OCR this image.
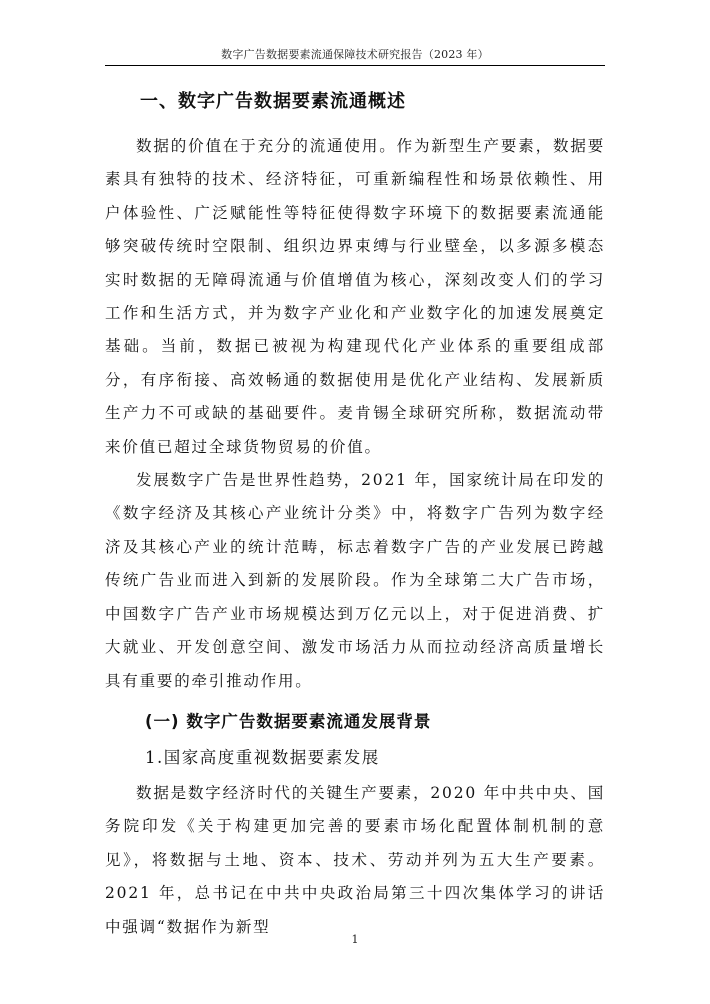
数字广告数据要素流通保障技术研究报告（2023 年）
一、数字广告数据要素流通概述

数据的价值在于充分的流通使用。作为新型生产要素，数据要素具有独特的技术、经济特征，可重新编程性和场景依赖性、用户体验性、广泛赋能性等特征使得数字环境下的数据要素流通能够突破传统时空限制、组织边界束缚与行业壁垒，以多源多模态实时数据的无障碍流通与价值增值为核心，深刻改变人们的学习工作和生活方式，并为数字产业化和产业数字化的加速发展奠定基础。当前，数据已被视为构建现代化产业体系的重要组成部分，有序衔接、高效畅通的数据使用是优化产业结构、发展新质生产力不可或缺的基础要件。麦肯锡全球研究所称，数据流动带来价值已超过全球货物贸易的价值。

发展数字广告是世界性趋势，2021 年，国家统计局在印发的《数字经济及其核心产业统计分类》中，将数字广告列为数字经济及其核心产业的统计范畴，标志着数字广告的产业发展已跨越传统广告业而进入到新的发展阶段。作为全球第二大广告市场，中国数字广告产业市场规模达到万亿元以上，对于促进消费、扩大就业、开发创意空间、激发市场活力从而拉动经济高质量增长具有重要的牵引推动作用。

(一) 数字广告数据要素流通发展背景
1.国家高度重视数据要素发展

数据是数字经济时代的关键生产要素，2020 年中共中央、国务院印发《关于构建更加完善的要素市场化配置体制机制的意见》，将数据与土地、资本、技术、劳动并列为五大生产要素。2021 年，总书记在中共中央政治局第三十四次集体学习的讲话中强调“数据作为新型

1
